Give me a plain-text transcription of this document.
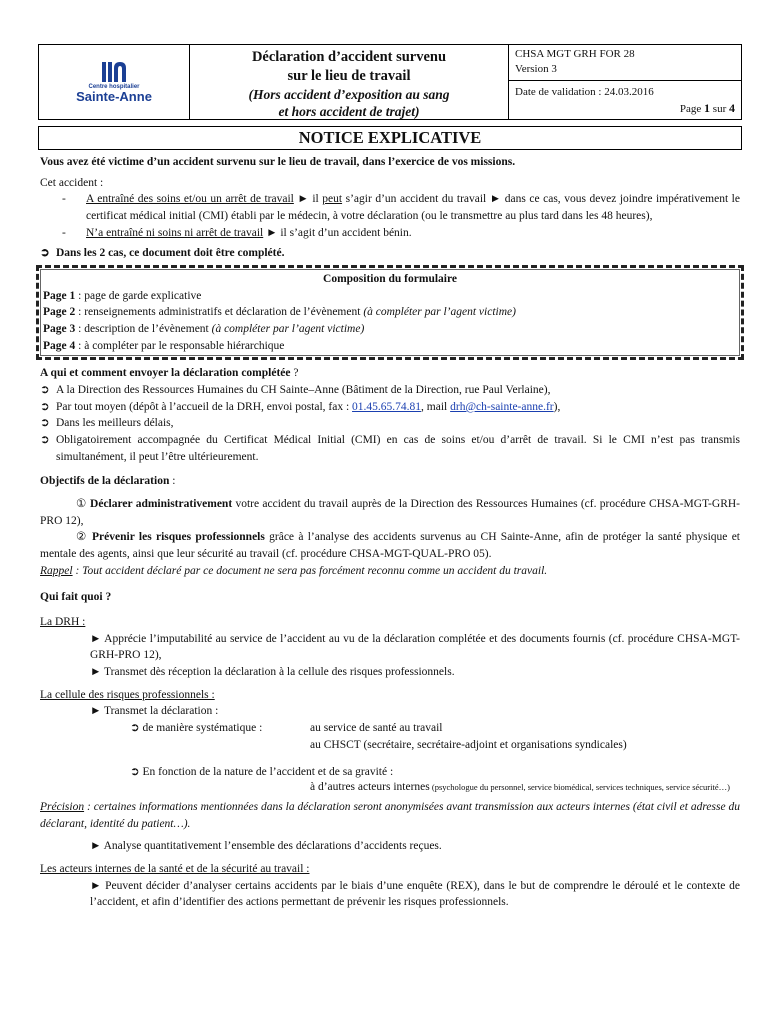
Centre hospitalier
Sainte-Anne
Déclaration d’accident survenu
sur le lieu de travail
(Hors accident d’exposition au sang
et hors accident de trajet)
CHSA MGT GRH FOR 28
Version 3
Date de validation : 24.03.2016
Page 1 sur 4
NOTICE EXPLICATIVE

Vous avez été victime d’un accident survenu sur le lieu de travail, dans l’exercice de vos missions.

Cet accident :

- A entraîné des soins et/ou un arrêt de travail ► il peut s’agir d’un accident du travail ► dans ce cas, vous devez joindre impérativement le certificat médical initial (CMI) établi par le médecin, à votre déclaration (ou le transmettre au plus tard dans les 48 heures),
- N’a entraîné ni soins ni arrêt de travail ► il s’agit d’un accident bénin.

➲ Dans les 2 cas, ce document doit être complété.

Composition du formulaire
Page 1 : page de garde explicative
Page 2 : renseignements administratifs et déclaration de l’évènement (à compléter par l’agent victime)
Page 3 : description de l’évènement (à compléter par l’agent victime)
Page 4 : à compléter par le responsable hiérarchique

A qui et comment envoyer la déclaration complétée ?

➲ A la Direction des Ressources Humaines du CH Sainte–Anne (Bâtiment de la Direction, rue Paul Verlaine),

➲ Par tout moyen (dépôt à l’accueil de la DRH, envoi postal, fax : 01.45.65.74.81, mail drh@ch-sainte-anne.fr),

➲ Dans les meilleurs délais,

➲ Obligatoirement accompagnée du Certificat Médical Initial (CMI) en cas de soins et/ou d’arrêt de travail. Si le CMI n’est pas transmis simultanément, il peut l’être ultérieurement.

Objectifs de la déclaration :

① Déclarer administrativement votre accident du travail auprès de la Direction des Ressources Humaines (cf. procédure CHSA-MGT-GRH-PRO 12),

② Prévenir les risques professionnels grâce à l’analyse des accidents survenus au CH Sainte-Anne, afin de protéger la santé physique et mentale des agents, ainsi que leur sécurité au travail (cf. procédure CHSA-MGT-QUAL-PRO 05).

Rappel : Tout accident déclaré par ce document ne sera pas forcément reconnu comme un accident du travail.

Qui fait quoi ?

La DRH :

► Apprécie l’imputabilité au service de l’accident au vu de la déclaration complétée et des documents fournis (cf. procédure CHSA-MGT-GRH-PRO 12),

► Transmet dès réception la déclaration à la cellule des risques professionnels.

La cellule des risques professionnels :

► Transmet la déclaration :

➲ de manière systématique :	au service de santé au travail
au CHSCT (secrétaire, secrétaire-adjoint et organisations syndicales)

➲ En fonction de la nature de l’accident et de sa gravité :

à d’autres acteurs internes (psychologue du personnel, service biomédical, services techniques, service sécurité…)

Précision : certaines informations mentionnées dans la déclaration seront anonymisées avant transmission aux acteurs internes (état civil et adresse du déclarant, identité du patient…).

► Analyse quantitativement l’ensemble des déclarations d’accidents reçues.

Les acteurs internes de la santé et de la sécurité au travail :

► Peuvent décider d’analyser certains accidents par le biais d’une enquête (REX), dans le but de comprendre le déroulé et le contexte de l’accident, et afin d’identifier des actions permettant de prévenir les risques professionnels.
